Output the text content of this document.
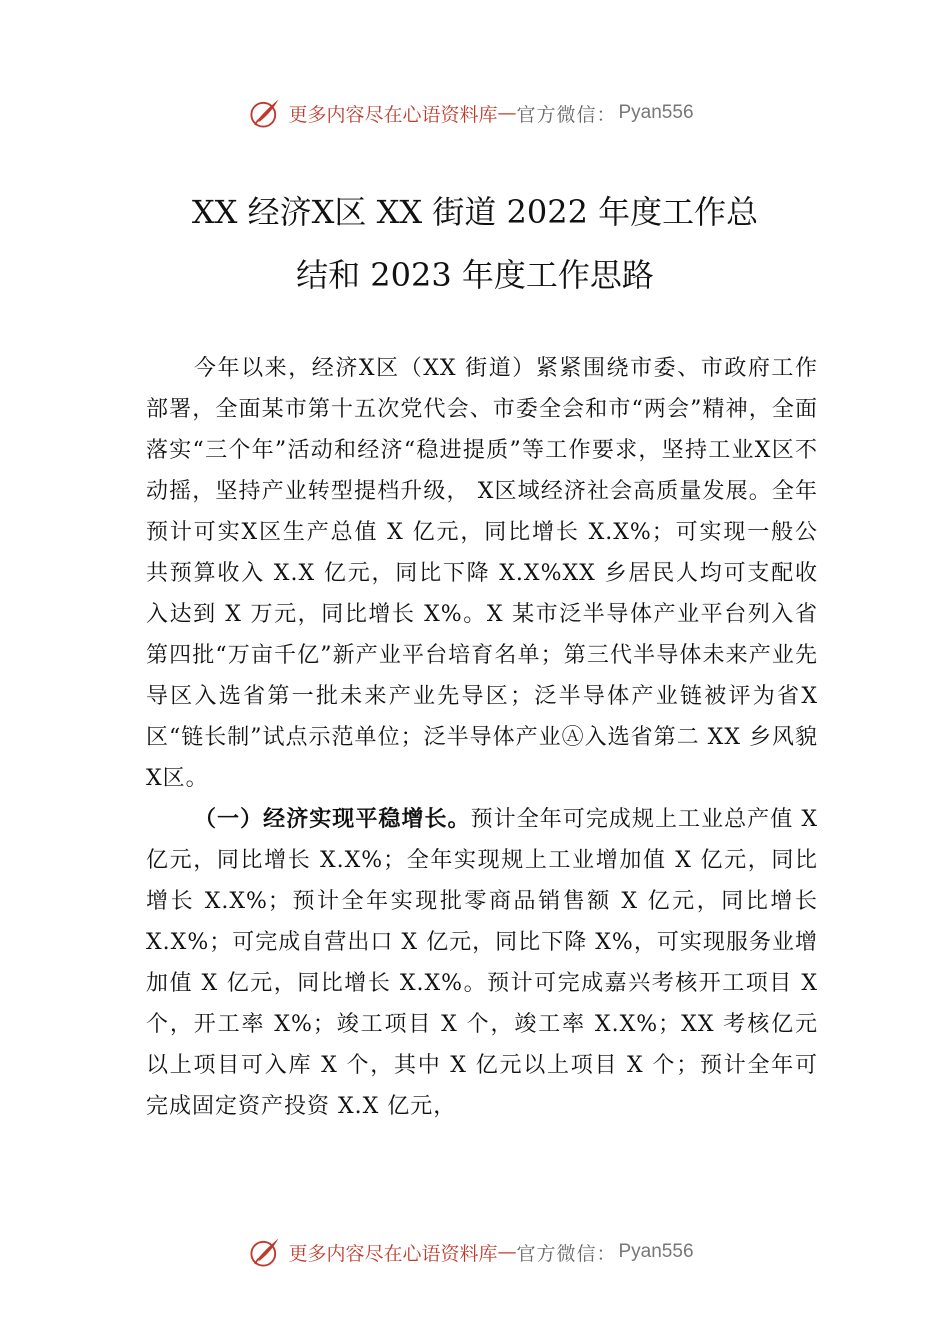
更多内容尽在心语资料库 — 官方微信： Pyan556
XX 经济Ⅹ区 XX 街道 2022 年度工作总
结和 2023 年度工作思路

今年以来，经济Ⅹ区（XX 街道）紧紧围绕市委、市政府工作部署，全面某市第十五次党代会、市委全会和市“两会”精神，全面落实“三个年”活动和经济“稳进提质”等工作要求，坚持工业Ⅹ区不动摇，坚持产业转型提档升级， Ⅹ区域经济社会高质量发展。全年预计可实Ⅹ区生产总值 X 亿元，同比增长 X.X%；可实现一般公共预算收入 X.X 亿元，同比下降 X.X%XX 乡居民人均可支配收入达到 X 万元，同比增长 X%。X 某市泛半导体产业平台列入省第四批“万亩千亿”新产业平台培育名单；第三代半导体未来产业先导区入选省第一批未来产业先导区；泛半导体产业链被评为省Ⅹ区“链长制”试点示范单位；泛半导体产业Ⓐ入选省第二 XX 乡风貌Ⅹ区。

（一）经济实现平稳增长。预计全年可完成规上工业总产值 X 亿元，同比增长 X.X%；全年实现规上工业增加值 X 亿元，同比增长 X.X%；预计全年实现批零商品销售额 X 亿元，同比增长 X.X%；可完成自营出口 X 亿元，同比下降 X%，可实现服务业增加值 X 亿元，同比增长 X.X%。预计可完成嘉兴考核开工项目 X 个，开工率 X%；竣工项目 X 个，竣工率 X.X%；XX 考核亿元以上项目可入库 X 个，其中 X 亿元以上项目 X 个；预计全年可完成固定资产投资 X.X 亿元，

更多内容尽在心语资料库 — 官方微信： Pyan556
